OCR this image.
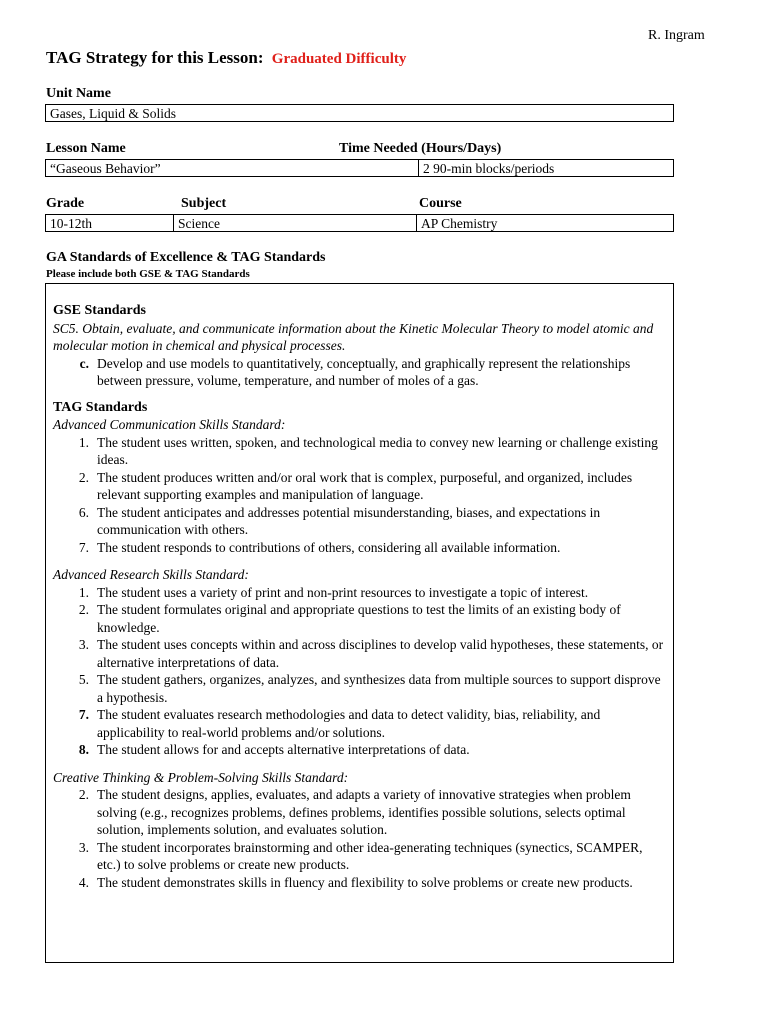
R. Ingram
TAG Strategy for this Lesson: Graduated Difficulty
Unit Name
Gases, Liquid & Solids
Lesson Name	Time Needed (Hours/Days)
“Gaseous Behavior”	2 90-min blocks/periods
Grade	Subject	Course
10-12th	Science	AP Chemistry
GA Standards of Excellence & TAG Standards
Please include both GSE & TAG Standards
GSE Standards
SC5. Obtain, evaluate, and communicate information about the Kinetic Molecular Theory to model atomic and molecular motion in chemical and physical processes.
c. Develop and use models to quantitatively, conceptually, and graphically represent the relationships between pressure, volume, temperature, and number of moles of a gas.
TAG Standards
Advanced Communication Skills Standard:
1. The student uses written, spoken, and technological media to convey new learning or challenge existing ideas.
2. The student produces written and/or oral work that is complex, purposeful, and organized, includes relevant supporting examples and manipulation of language.
6. The student anticipates and addresses potential misunderstanding, biases, and expectations in communication with others.
7. The student responds to contributions of others, considering all available information.
Advanced Research Skills Standard:
1. The student uses a variety of print and non-print resources to investigate a topic of interest.
2. The student formulates original and appropriate questions to test the limits of an existing body of knowledge.
3. The student uses concepts within and across disciplines to develop valid hypotheses, these statements, or alternative interpretations of data.
5. The student gathers, organizes, analyzes, and synthesizes data from multiple sources to support disprove a hypothesis.
7. The student evaluates research methodologies and data to detect validity, bias, reliability, and applicability to real-world problems and/or solutions.
8. The student allows for and accepts alternative interpretations of data.
Creative Thinking & Problem-Solving Skills Standard:
2. The student designs, applies, evaluates, and adapts a variety of innovative strategies when problem solving (e.g., recognizes problems, defines problems, identifies possible solutions, selects optimal solution, implements solution, and evaluates solution.
3. The student incorporates brainstorming and other idea-generating techniques (synectics, SCAMPER, etc.) to solve problems or create new products.
4. The student demonstrates skills in fluency and flexibility to solve problems or create new products.
